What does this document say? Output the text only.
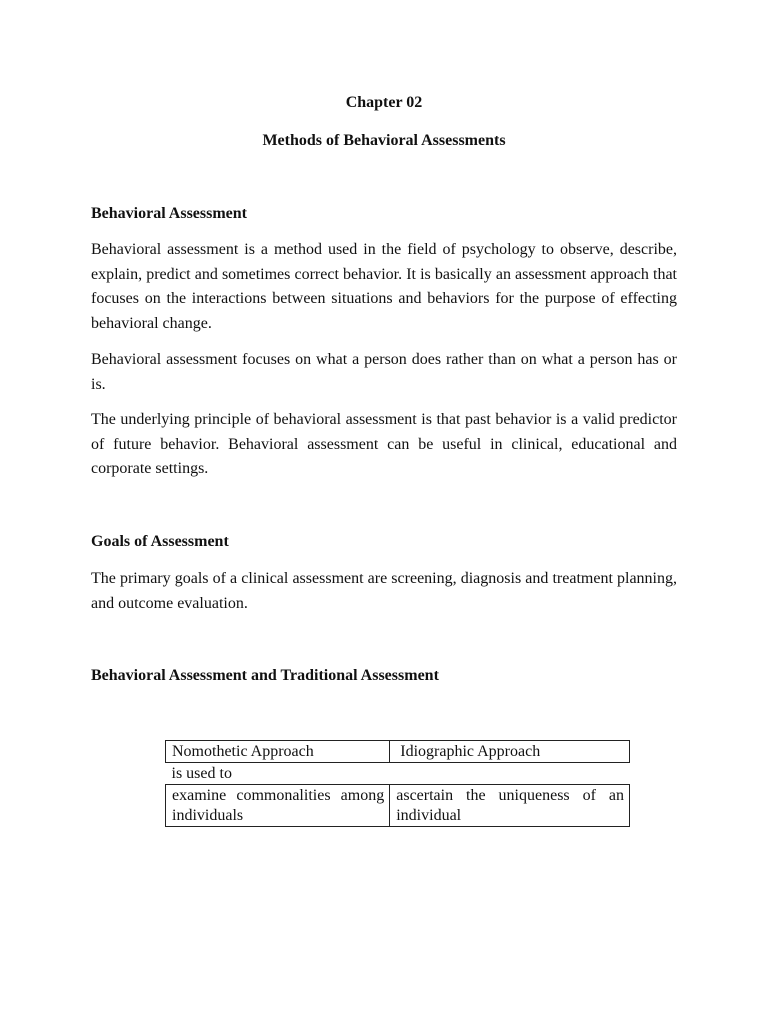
Chapter 02
Methods of Behavioral Assessments
Behavioral Assessment

Behavioral assessment is a method used in the field of psychology to observe, describe, explain, predict and sometimes correct behavior. It is basically an assessment approach that focuses on the interactions between situations and behaviors for the purpose of effecting behavioral change.

Behavioral assessment focuses on what a person does rather than on what a person has or is.

The underlying principle of behavioral assessment is that past behavior is a valid predictor of future behavior. Behavioral assessment can be useful in clinical, educational and corporate settings.

Goals of Assessment

The primary goals of a clinical assessment are screening, diagnosis and treatment planning, and outcome evaluation.

Behavioral Assessment and Traditional Assessment
Nomothetic Approach	Idiographic Approach
is used to	
examine commonalities among individuals	ascertain the uniqueness of an individual
